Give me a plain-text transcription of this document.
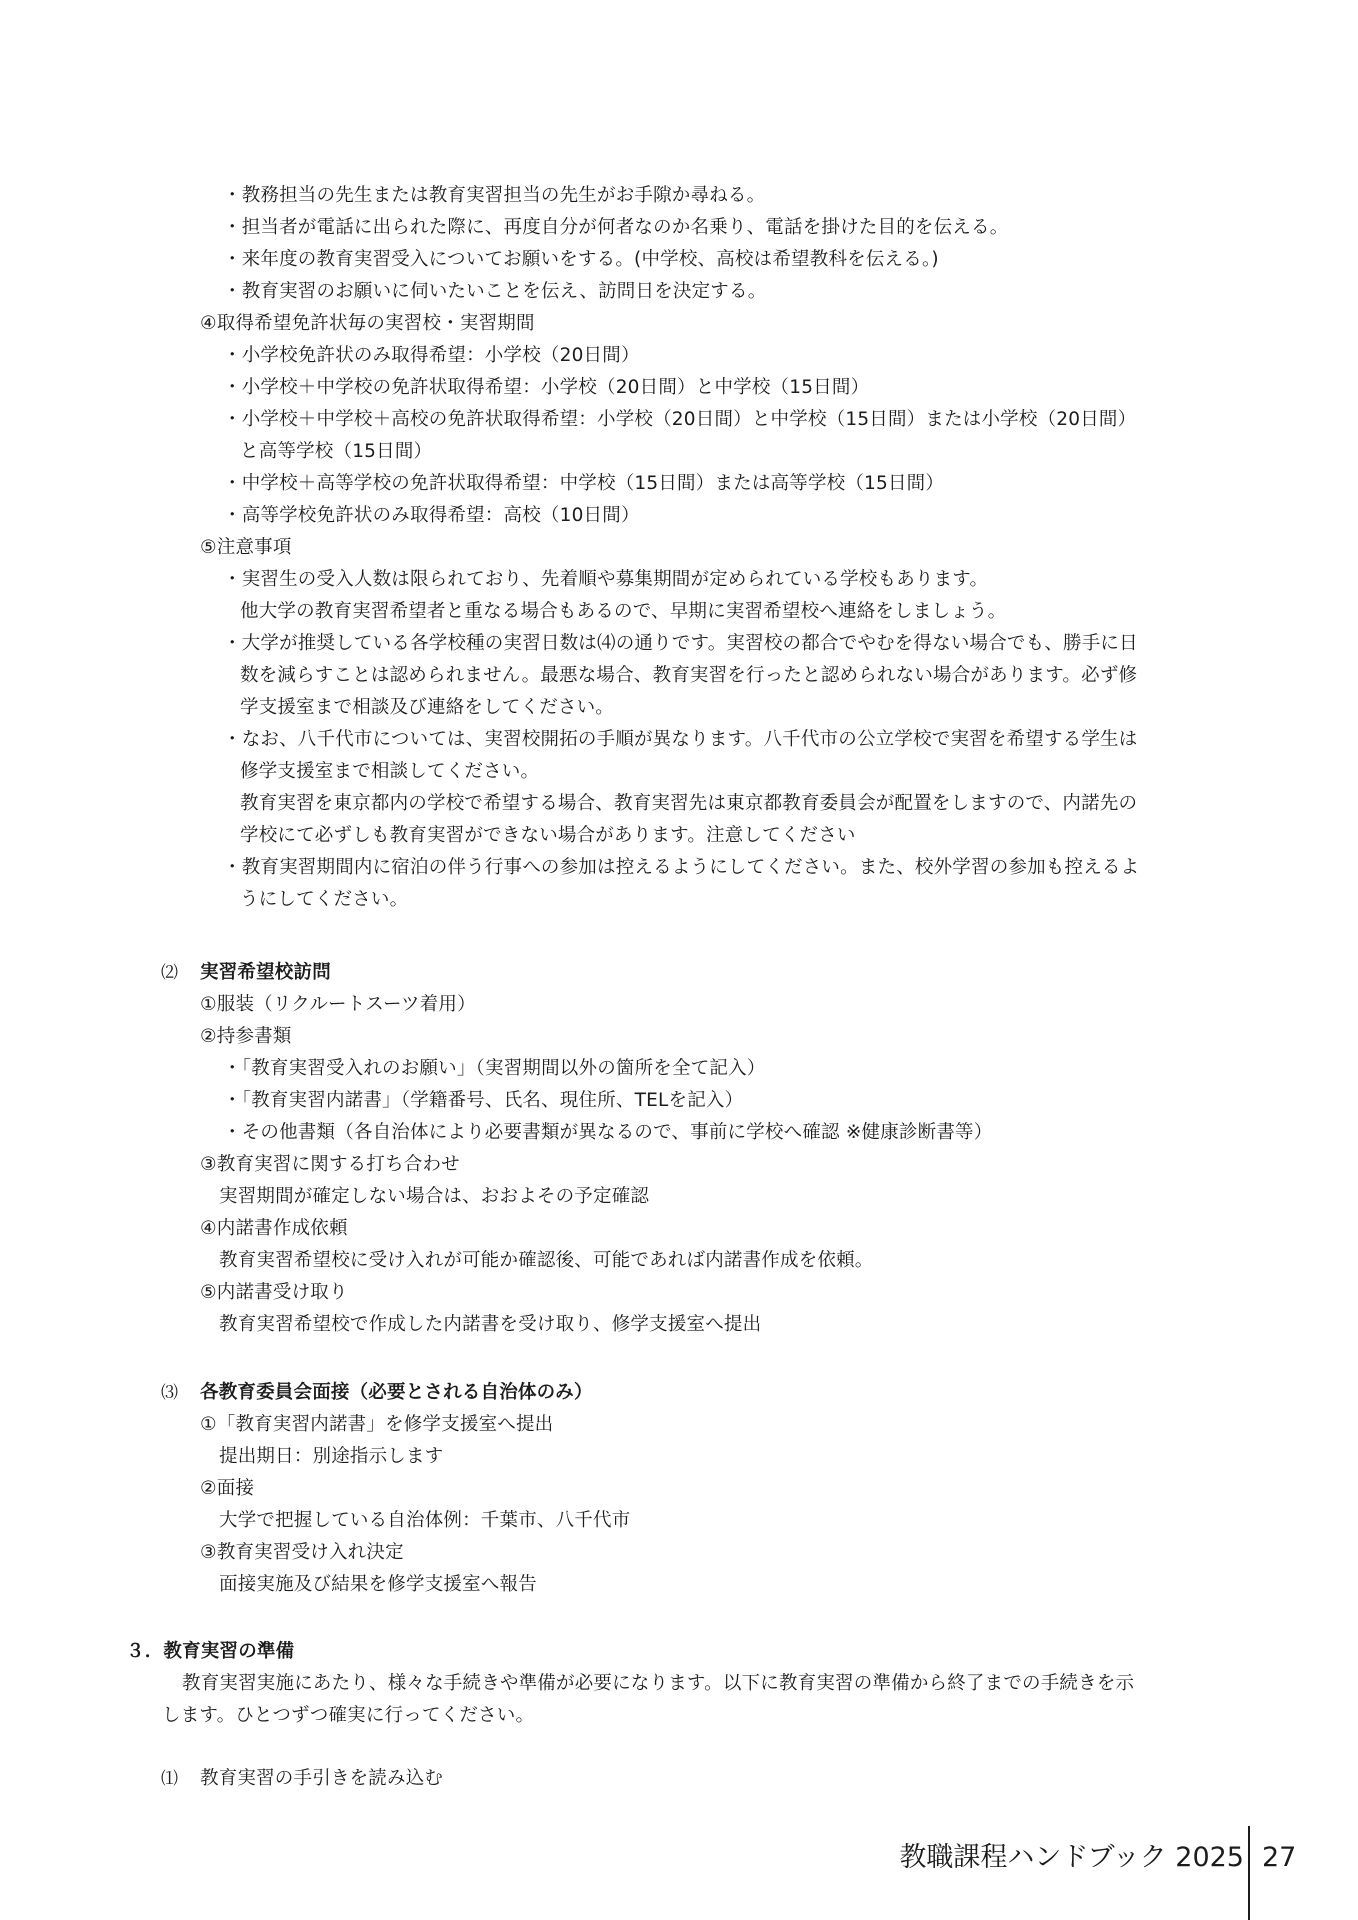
・教務担当の先生または教育実習担当の先生がお手隙か尋ねる。
・担当者が電話に出られた際に、再度自分が何者なのか名乗り、電話を掛けた目的を伝える。
・来年度の教育実習受入についてお願いをする。(中学校、高校は希望教科を伝える。)
・教育実習のお願いに伺いたいことを伝え、訪問日を決定する。
④取得希望免許状毎の実習校・実習期間
・小学校免許状のみ取得希望：小学校（20日間）
・小学校＋中学校の免許状取得希望：小学校（20日間）と中学校（15日間）
・小学校＋中学校＋高校の免許状取得希望：小学校（20日間）と中学校（15日間）または小学校（20日間）
と高等学校（15日間）
・中学校＋高等学校の免許状取得希望：中学校（15日間）または高等学校（15日間）
・高等学校免許状のみ取得希望：高校（10日間）
⑤注意事項
・実習生の受入人数は限られており、先着順や募集期間が定められている学校もあります。
他大学の教育実習希望者と重なる場合もあるので、早期に実習希望校へ連絡をしましょう。
・大学が推奨している各学校種の実習日数は⑷の通りです。実習校の都合でやむを得ない場合でも、勝手に日
数を減らすことは認められません。最悪な場合、教育実習を行ったと認められない場合があります。必ず修
学支援室まで相談及び連絡をしてください。
・なお、八千代市については、実習校開拓の手順が異なります。八千代市の公立学校で実習を希望する学生は
修学支援室まで相談してください。
教育実習を東京都内の学校で希望する場合、教育実習先は東京都教育委員会が配置をしますので、内諾先の
学校にて必ずしも教育実習ができない場合があります。注意してください
・教育実習期間内に宿泊の伴う行事への参加は控えるようにしてください。また、校外学習の参加も控えるよ
うにしてください。
⑵ 実習希望校訪問
①服装（リクルートスーツ着用）
②持参書類
・「教育実習受入れのお願い」（実習期間以外の箇所を全て記入）
・「教育実習内諾書」（学籍番号、氏名、現住所、TELを記入）
・その他書類（各自治体により必要書類が異なるので、事前に学校へ確認 ※健康診断書等）
③教育実習に関する打ち合わせ
実習期間が確定しない場合は、おおよその予定確認
④内諾書作成依頼
教育実習希望校に受け入れが可能か確認後、可能であれば内諾書作成を依頼。
⑤内諾書受け取り
教育実習希望校で作成した内諾書を受け取り、修学支援室へ提出
⑶ 各教育委員会面接（必要とされる自治体のみ）
①「教育実習内諾書」を修学支援室へ提出
提出期日：別途指示します
②面接
大学で把握している自治体例：千葉市、八千代市
③教育実習受け入れ決定
面接実施及び結果を修学支援室へ報告
３．教育実習の準備
教育実習実施にあたり、様々な手続きや準備が必要になります。以下に教育実習の準備から終了までの手続きを示
します。ひとつずつ確実に行ってください。
⑴ 教育実習の手引きを読み込む
教職課程ハンドブック 2025 27
